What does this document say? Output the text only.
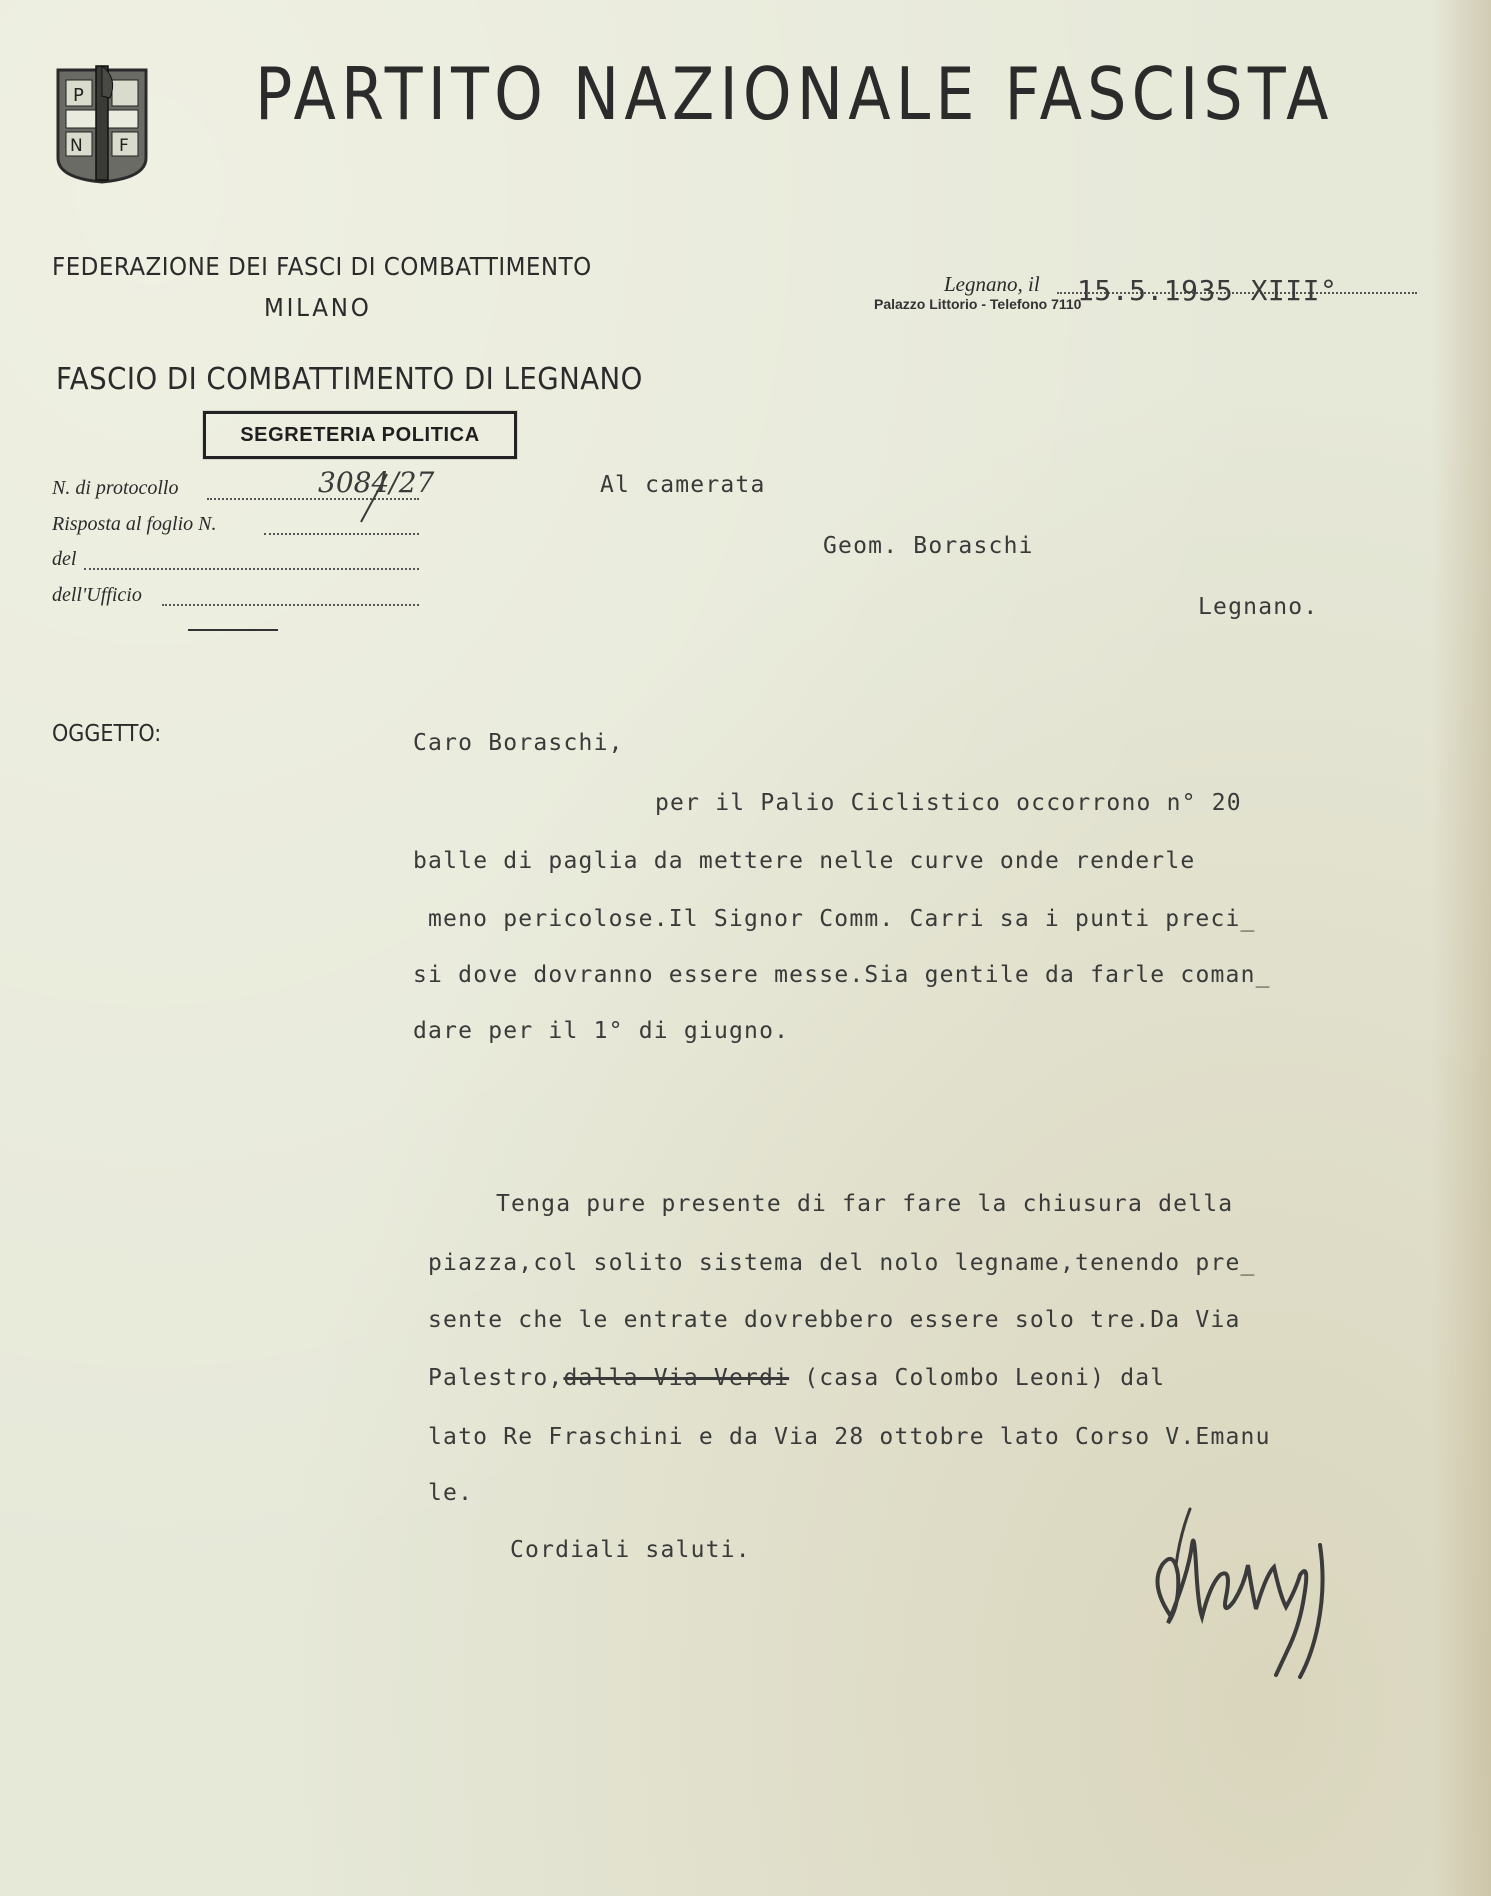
P
N F
PARTITO NAZIONALE FASCISTA
FEDERAZIONE DEI FASCI DI COMBATTIMENTO
MILANO
FASCIO DI COMBATTIMENTO DI LEGNANO
SEGRETERIA POLITICA
N. di protocollo	3084/27
Risposta al foglio N.
del
dell'Ufficio
Legnano, il 15.5.1935 XIII°
Palazzo Littorio - Telefono 7110
Al camerata
Geom. Boraschi
Legnano.
OGGETTO:	Caro Boraschi,
per il Palio Ciclistico occorrono n° 20
balle di paglia da mettere nelle curve onde renderle
meno pericolose.Il Signor Comm. Carri sa i punti preci_
si dove dovranno essere messe.Sia gentile da farle coman_
dare per il 1° di giugno.
Tenga pure presente di far fare la chiusura della
piazza,col solito sistema del nolo legname,tenendo pre_
sente che le entrate dovrebbero essere solo tre.Da Via
Palestro,dalla Via Verdi (casa Colombo Leoni) dal
lato Re Fraschini e da Via 28 ottobre lato Corso V.Emanu
le.
Cordiali saluti.
